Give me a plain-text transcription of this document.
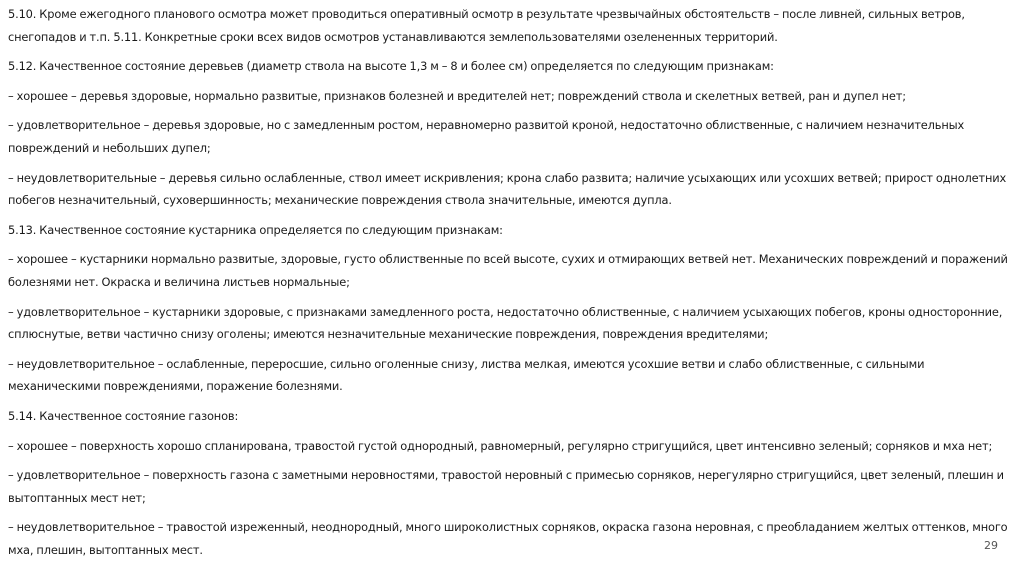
5.10. Кроме ежегодного планового осмотра может проводиться оперативный осмотр в результате чрезвычайных обстоятельств – после ливней, сильных ветров, снегопадов и т.п. 5.11. Конкретные сроки всех видов осмотров устанавливаются землепользователями озелененных территорий.

5.12. Качественное состояние деревьев (диаметр ствола на высоте 1,3 м – 8 и более см) определяется по следующим признакам:

– хорошее – деревья здоровые, нормально развитые, признаков болезней и вредителей нет; повреждений ствола и скелетных ветвей, ран и дупел нет;

– удовлетворительное – деревья здоровые, но с замедленным ростом, неравномерно развитой кроной, недостаточно облиственные, с наличием незначительных повреждений и небольших дупел;

– неудовлетворительные – деревья сильно ослабленные, ствол имеет искривления; крона слабо развита; наличие усыхающих или усохших ветвей; прирост однолетних побегов незначительный, суховершинность; механические повреждения ствола значительные, имеются дупла.

5.13. Качественное состояние кустарника определяется по следующим признакам:

– хорошее – кустарники нормально развитые, здоровые, густо облиственные по всей высоте, сухих и отмирающих ветвей нет. Механических повреждений и поражений болезнями нет. Окраска и величина листьев нормальные;

– удовлетворительное – кустарники здоровые, с признаками замедленного роста, недостаточно облиственные, с наличием усыхающих побегов, кроны односторонние, сплюснутые, ветви частично снизу оголены; имеются незначительные механические повреждения, повреждения вредителями;

– неудовлетворительное – ослабленные, переросшие, сильно оголенные снизу, листва мелкая, имеются усохшие ветви и слабо облиственные, с сильными механическими повреждениями, поражение болезнями.

5.14. Качественное состояние газонов:

– хорошее – поверхность хорошо спланирована, травостой густой однородный, равномерный, регулярно стригущийся, цвет интенсивно зеленый; сорняков и мха нет;

– удовлетворительное – поверхность газона с заметными неровностями, травостой неровный с примесью сорняков, нерегулярно стригущийся, цвет зеленый, плешин и вытоптанных мест нет;

– неудовлетворительное – травостой изреженный, неоднородный, много широколистных сорняков, окраска газона неровная, с преобладанием желтых оттенков, много мха, плешин, вытоптанных мест.	29
